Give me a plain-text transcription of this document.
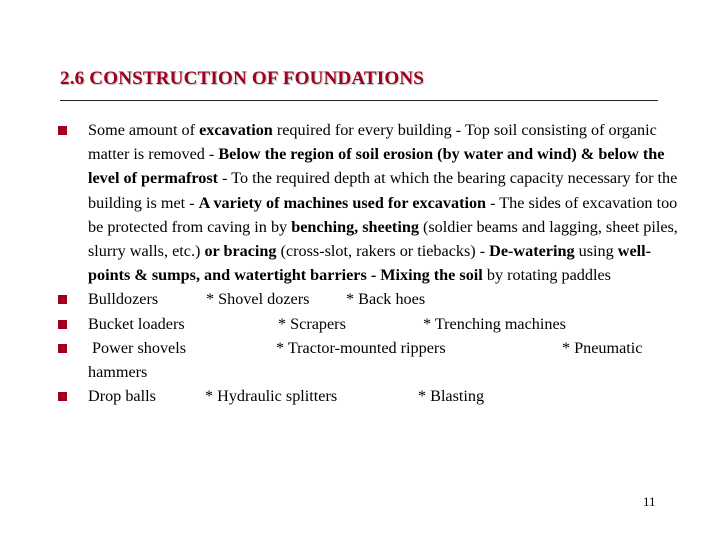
2.6 CONSTRUCTION OF FOUNDATIONS
Some amount of excavation required for every building - Top soil consisting of organic matter is removed - Below the region of soil erosion (by water and wind) & below the level of permafrost - To the required depth at which the bearing capacity necessary for the building is met - A variety of machines used for excavation - The sides of excavation too be protected from caving in by benching, sheeting (soldier beams and lagging, sheet piles, slurry walls, etc.) or bracing (cross-slot, rakers or tiebacks) - De-watering using well-points & sumps, and watertight barriers - Mixing the soil by rotating paddles
Bulldozers	* Shovel dozers	* Back hoes
Bucket loaders	* Scrapers	* Trenching machines
Power shovels	* Tractor-mounted rippers	* Pneumatic
hammers
Drop balls	* Hydraulic splitters	* Blasting
11
